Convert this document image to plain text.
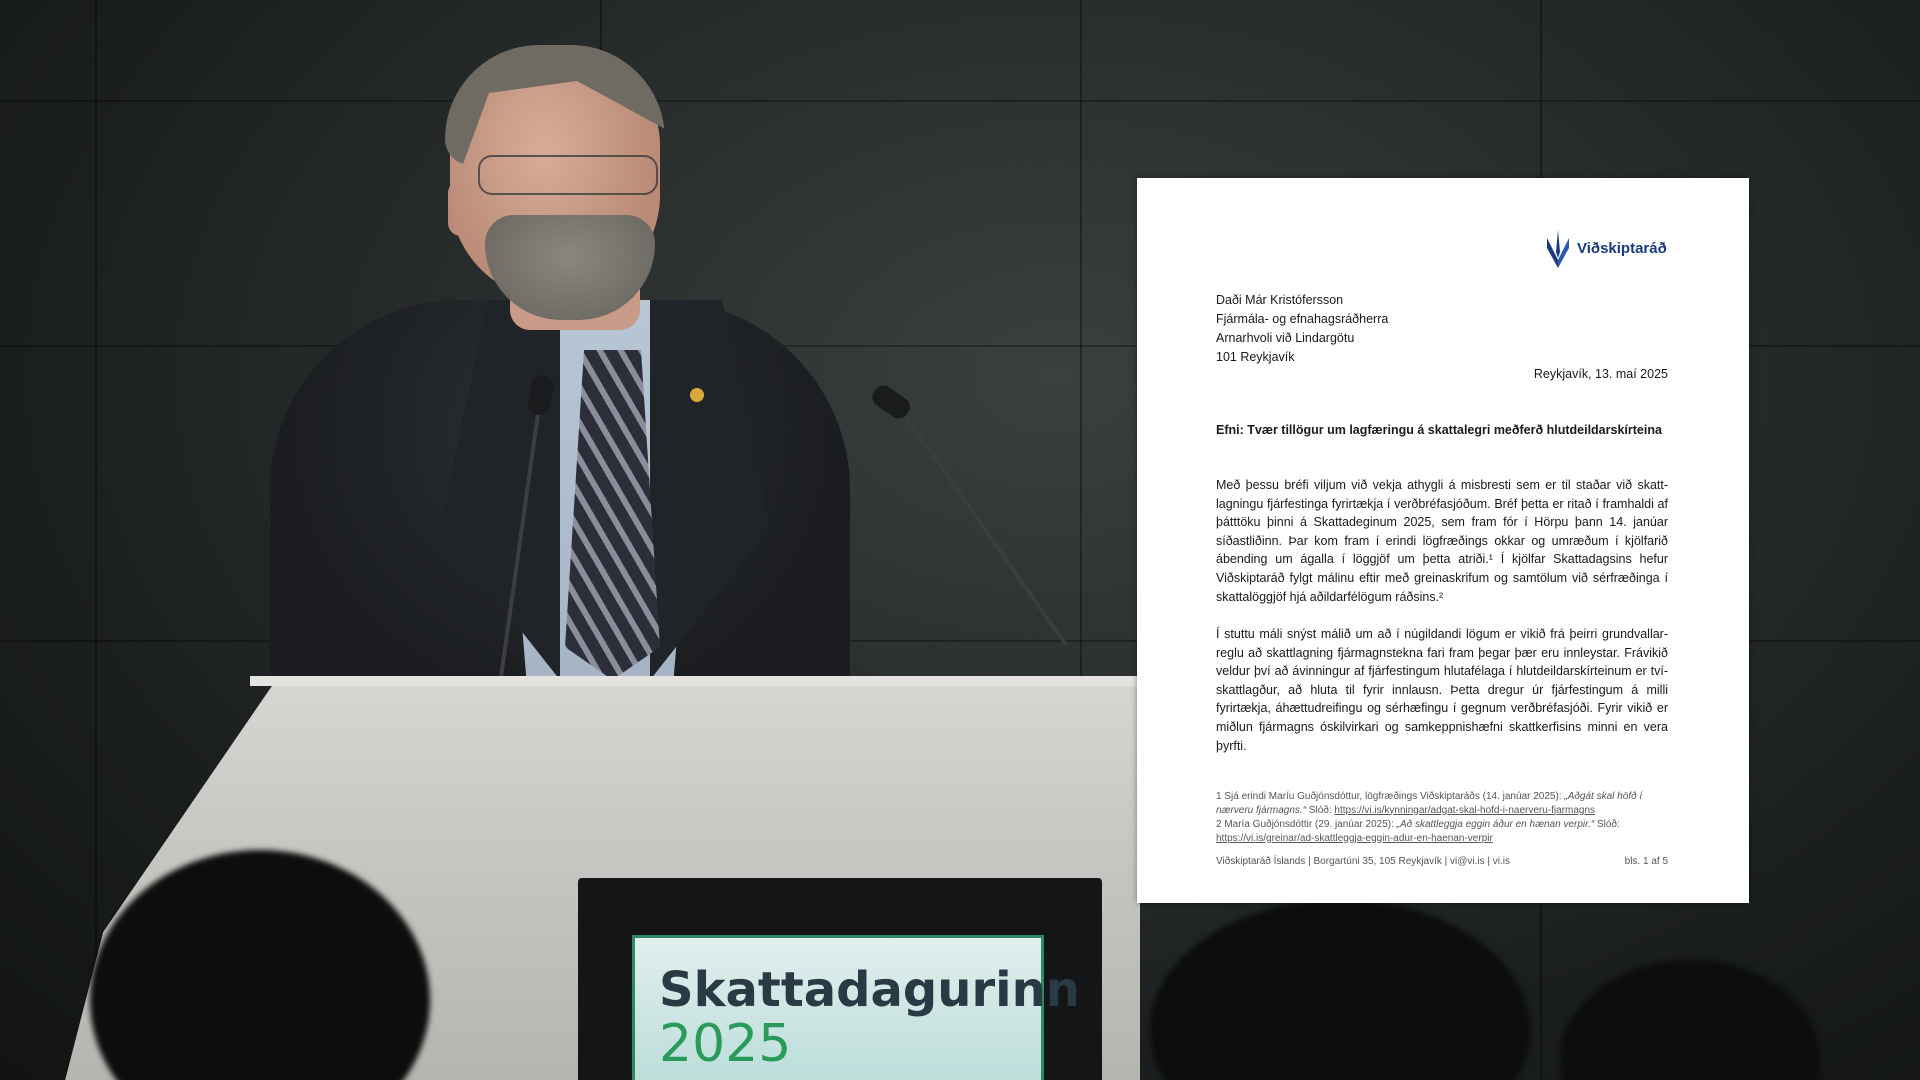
Skattadagurinn
2025
Viðskiptaráð
Daði Már Kristófersson
Fjármála- og efnahagsráðherra
Arnarhvoli við Lindargötu
101 Reykjavík
Reykjavík, 13. maí 2025
Efni: Tvær tillögur um lagfæringu á skattalegri meðferð hlutdeildarskírteina

Með þessu bréfi viljum við vekja athygli á misbresti sem er til staðar við skatt-lagningu fjárfestinga fyrirtækja í verðbréfasjóðum. Bréf þetta er ritað í framhaldi af þátttöku þinni á Skattadeginum 2025, sem fram fór í Hörpu þann 14. janúar síðastliðinn. Þar kom fram í erindi lögfræðings okkar og umræðum í kjölfarið ábending um ágalla í löggjöf um þetta atriði.¹ Í kjölfar Skattadagsins hefur Viðskiptaráð fylgt málinu eftir með greinaskrifum og samtölum við sérfræðinga í skattalöggjöf hjá aðildarfélögum ráðsins.²

Í stuttu máli snýst málið um að í núgildandi lögum er vikið frá þeirri grundvallar-reglu að skattlagning fjármagnstekna fari fram þegar þær eru innleystar. Frávikið veldur því að ávinningur af fjárfestingum hlutafélaga í hlutdeildarskírteinum er tví-skattlagður, að hluta til fyrir innlausn. Þetta dregur úr fjárfestingum á milli fyrirtækja, áhættudreifingu og sérhæfingu í gegnum verðbréfasjóði. Fyrir vikið er miðlun fjármagns óskilvirkari og samkeppnishæfni skattkerfisins minni en vera þyrfti.

1 Sjá erindi Maríu Guðjónsdóttur, lögfræðings Viðskiptaráðs (14. janúar 2025): „Aðgát skal höfð í nærveru fjármagns.“ Slóð: https://vi.is/kynningar/adgat-skal-hofd-i-naerveru-fjarmagns
2 María Guðjónsdóttir (29. janúar 2025): „Að skattleggja eggin áður en hænan verpir.“ Slóð: https://vi.is/greinar/ad-skattleggja-eggin-adur-en-haenan-verpir
Viðskiptaráð Íslands | Borgartúni 35, 105 Reykjavík | vi@vi.is | vi.is	bls. 1 af 5
